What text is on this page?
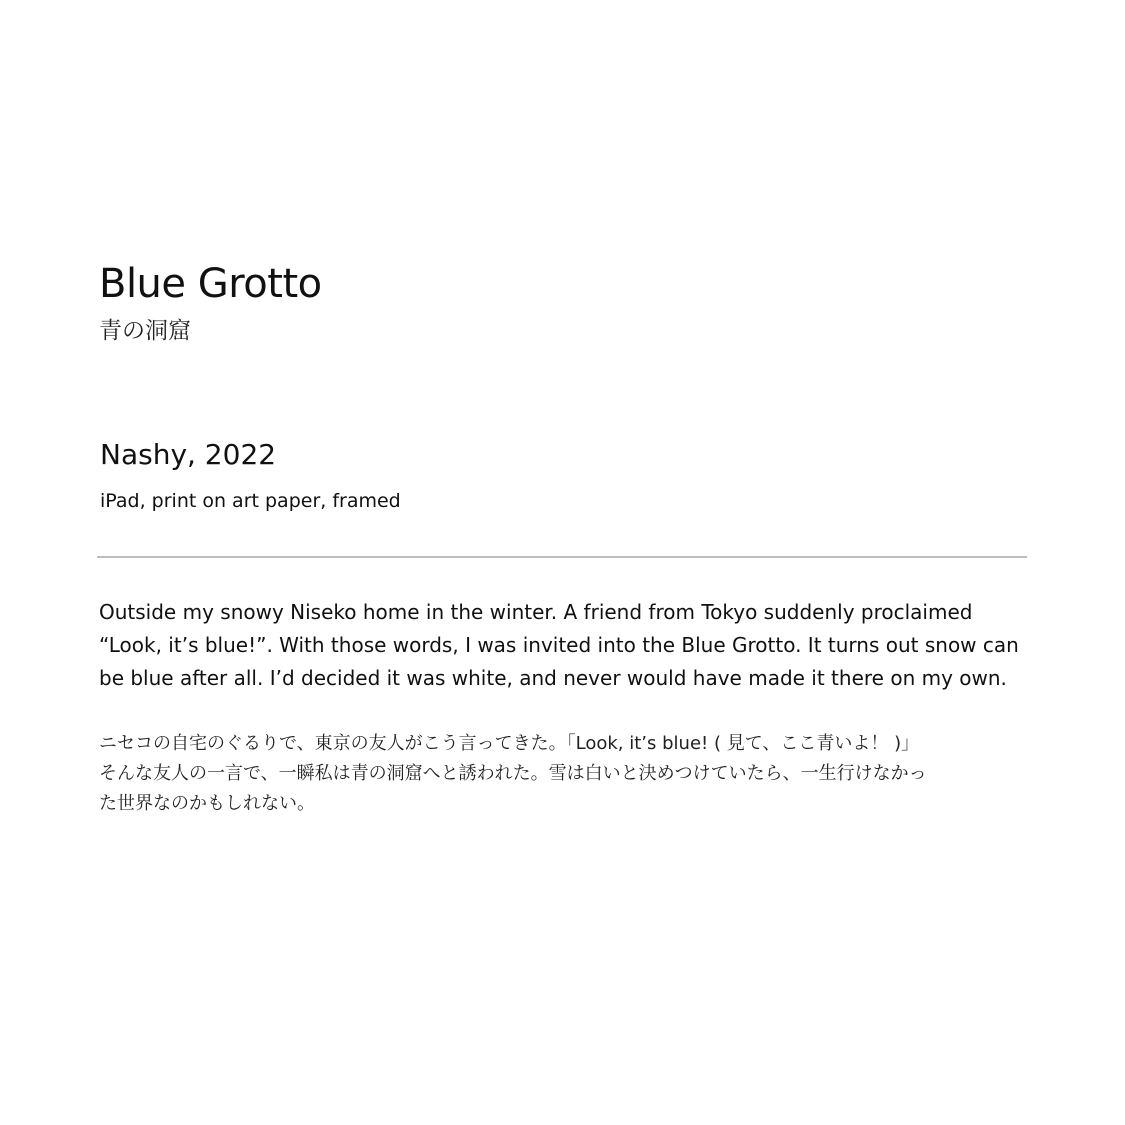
Blue Grotto

青の洞窟

Nashy, 2022

iPad, print on art paper, framed

Outside my snowy Niseko home in the winter. A friend from Tokyo suddenly proclaimed
“Look, it’s blue!”. With those words, I was invited into the Blue Grotto. It turns out snow can
be blue after all. I’d decided it was white, and never would have made it there on my own.

ニセコの自宅のぐるりで、東京の友人がこう言ってきた。「Look, it’s blue! ( 見て、ここ青いよ！ )」
そんな友人の一言で、一瞬私は青の洞窟へと誘われた。雪は白いと決めつけていたら、一生行けなかっ
た世界なのかもしれない。
